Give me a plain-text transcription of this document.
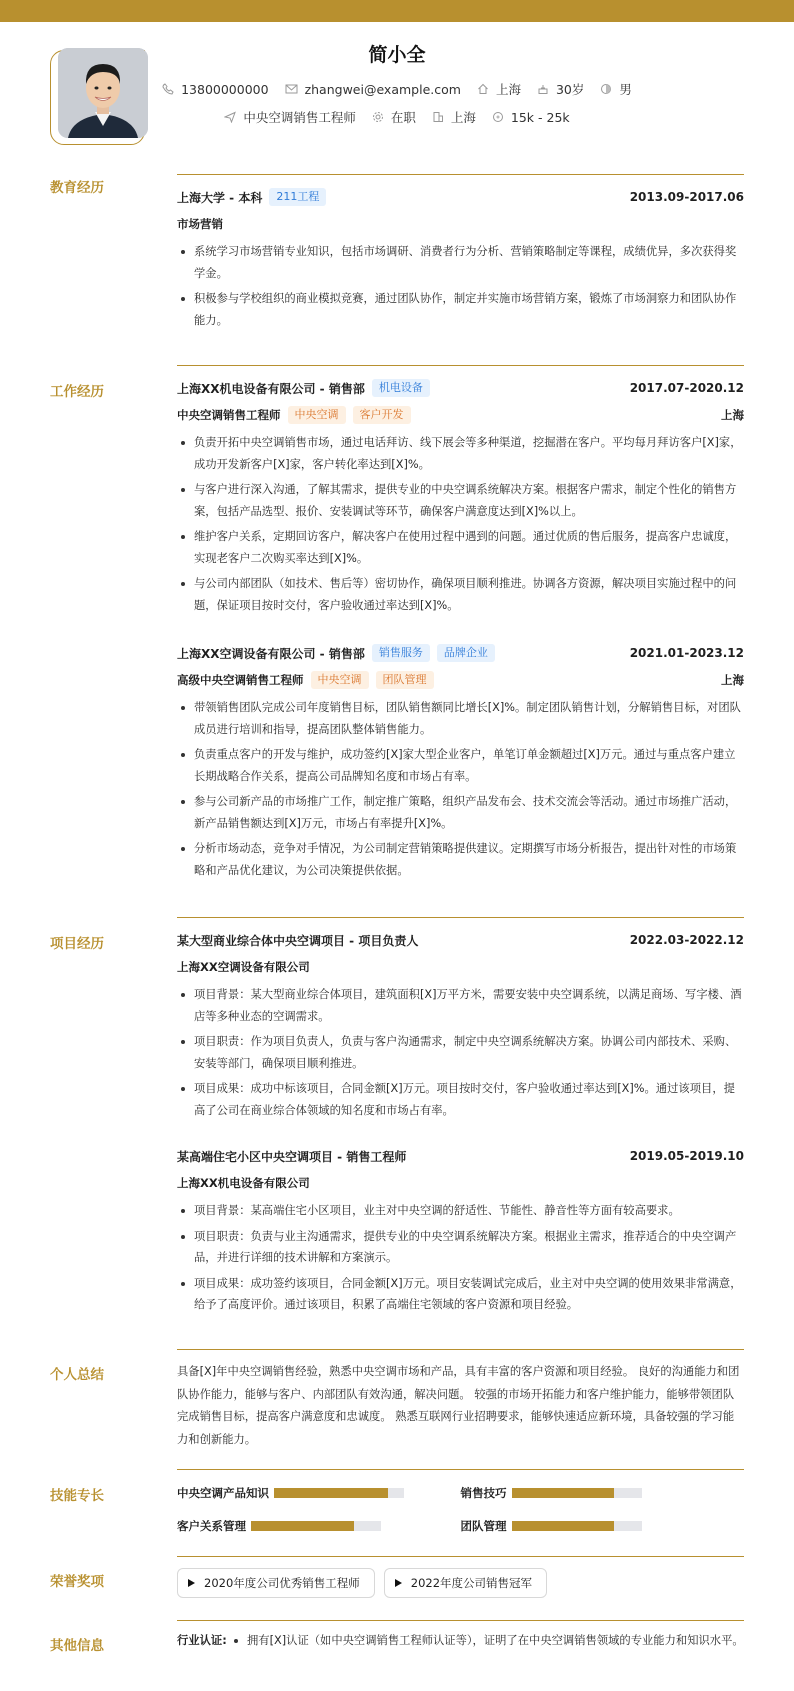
简小全
13800000000	zhangwei@example.com	上海	30岁	男
中央空调销售工程师	在职	上海	15k - 25k
教育经历
上海大学 - 本科	211工程	2013.09-2017.06
市场营销
系统学习市场营销专业知识，包括市场调研、消费者行为分析、营销策略制定等课程，成绩优异，多次获得奖学金。
积极参与学校组织的商业模拟竞赛，通过团队协作，制定并实施市场营销方案，锻炼了市场洞察力和团队协作能力。
工作经历	上海XX机电设备有限公司 - 销售部	机电设备	2017.07-2020.12
中央空调销售工程师	中央空调	客户开发	上海
负责开拓中央空调销售市场，通过电话拜访、线下展会等多种渠道，挖掘潜在客户。平均每月拜访客户[X]家，成功开发新客户[X]家，客户转化率达到[X]%。
与客户进行深入沟通，了解其需求，提供专业的中央空调系统解决方案。根据客户需求，制定个性化的销售方案，包括产品选型、报价、安装调试等环节，确保客户满意度达到[X]%以上。
维护客户关系，定期回访客户，解决客户在使用过程中遇到的问题。通过优质的售后服务，提高客户忠诚度，实现老客户二次购买率达到[X]%。
与公司内部团队（如技术、售后等）密切协作，确保项目顺利推进。协调各方资源，解决项目实施过程中的问题，保证项目按时交付，客户验收通过率达到[X]%。
上海XX空调设备有限公司 - 销售部	销售服务	品牌企业	2021.01-2023.12
高级中央空调销售工程师	中央空调	团队管理	上海
带领销售团队完成公司年度销售目标，团队销售额同比增长[X]%。制定团队销售计划，分解销售目标，对团队成员进行培训和指导，提高团队整体销售能力。
负责重点客户的开发与维护，成功签约[X]家大型企业客户，单笔订单金额超过[X]万元。通过与重点客户建立长期战略合作关系，提高公司品牌知名度和市场占有率。
参与公司新产品的市场推广工作，制定推广策略，组织产品发布会、技术交流会等活动。通过市场推广活动，新产品销售额达到[X]万元，市场占有率提升[X]%。
分析市场动态，竞争对手情况，为公司制定营销策略提供建议。定期撰写市场分析报告，提出针对性的市场策略和产品优化建议，为公司决策提供依据。
项目经历	某大型商业综合体中央空调项目 - 项目负责人	2022.03-2022.12
上海XX空调设备有限公司
项目背景：某大型商业综合体项目，建筑面积[X]万平方米，需要安装中央空调系统，以满足商场、写字楼、酒店等多种业态的空调需求。
项目职责：作为项目负责人，负责与客户沟通需求，制定中央空调系统解决方案。协调公司内部技术、采购、安装等部门，确保项目顺利推进。
项目成果：成功中标该项目，合同金额[X]万元。项目按时交付，客户验收通过率达到[X]%。通过该项目，提高了公司在商业综合体领域的知名度和市场占有率。
某高端住宅小区中央空调项目 - 销售工程师	2019.05-2019.10
上海XX机电设备有限公司
项目背景：某高端住宅小区项目，业主对中央空调的舒适性、节能性、静音性等方面有较高要求。
项目职责：负责与业主沟通需求，提供专业的中央空调系统解决方案。根据业主需求，推荐适合的中央空调产品，并进行详细的技术讲解和方案演示。
项目成果：成功签约该项目，合同金额[X]万元。项目安装调试完成后，业主对中央空调的使用效果非常满意，给予了高度评价。通过该项目，积累了高端住宅领域的客户资源和项目经验。
个人总结	具备[X]年中央空调销售经验，熟悉中央空调市场和产品，具有丰富的客户资源和项目经验。 良好的沟通能力和团队协作能力，能够与客户、内部团队有效沟通，解决问题。 较强的市场开拓能力和客户维护能力，能够带领团队完成销售目标，提高客户满意度和忠诚度。 熟悉互联网行业招聘要求，能够快速适应新环境，具备较强的学习能力和创新能力。
技能专长	中央空调产品知识	销售技巧
客户关系管理	团队管理
荣誉奖项	2020年度公司优秀销售工程师	2022年度公司销售冠军
其他信息	行业认证:	拥有[X]认证（如中央空调销售工程师认证等），证明了在中央空调销售领域的专业能力和知识水平。
